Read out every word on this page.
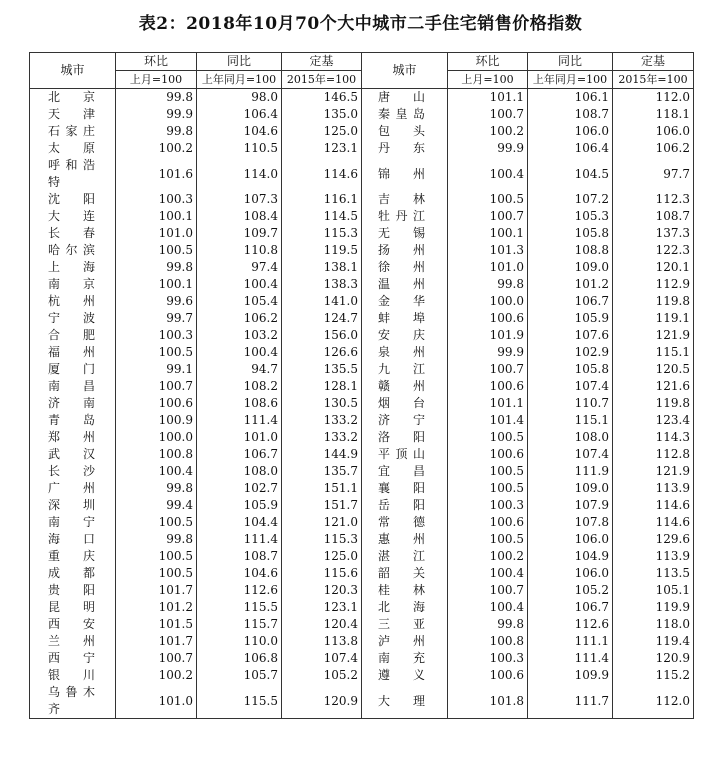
表2：2018年10月70个大中城市二手住宅销售价格指数
城市	环比	同比	定基	城市	环比	同比	定基
	上月=100	上年同月=100	2015年=100		上月=100	上年同月=100	2015年=100
北京	99.8	98.0	146.5	唐山	101.1	106.1	112.0
天津	99.9	106.4	135.0	秦皇岛	100.7	108.7	118.1
石家庄	99.8	104.6	125.0	包头	100.2	106.0	106.0
太原	100.2	110.5	123.1	丹东	99.9	106.4	106.2
呼和浩特	101.6	114.0	114.6	锦州	100.4	104.5	97.7
沈阳	100.3	107.3	116.1	吉林	100.5	107.2	112.3
大连	100.1	108.4	114.5	牡丹江	100.7	105.3	108.7
长春	101.0	109.7	115.3	无锡	100.1	105.8	137.3
哈尔滨	100.5	110.8	119.5	扬州	101.3	108.8	122.3
上海	99.8	97.4	138.1	徐州	101.0	109.0	120.1
南京	100.1	100.4	138.3	温州	99.8	101.2	112.9
杭州	99.6	105.4	141.0	金华	100.0	106.7	119.8
宁波	99.7	106.2	124.7	蚌埠	100.6	105.9	119.1
合肥	100.3	103.2	156.0	安庆	101.9	107.6	121.9
福州	100.5	100.4	126.6	泉州	99.9	102.9	115.1
厦门	99.1	94.7	135.5	九江	100.7	105.8	120.5
南昌	100.7	108.2	128.1	赣州	100.6	107.4	121.6
济南	100.6	108.6	130.5	烟台	101.1	110.7	119.8
青岛	100.9	111.4	133.2	济宁	101.4	115.1	123.4
郑州	100.0	101.0	133.2	洛阳	100.5	108.0	114.3
武汉	100.8	106.7	144.9	平顶山	100.6	107.4	112.8
长沙	100.4	108.0	135.7	宜昌	100.5	111.9	121.9
广州	99.8	102.7	151.1	襄阳	100.5	109.0	113.9
深圳	99.4	105.9	151.7	岳阳	100.3	107.9	114.6
南宁	100.5	104.4	121.0	常德	100.6	107.8	114.6
海口	99.8	111.4	115.3	惠州	100.5	106.0	129.6
重庆	100.5	108.7	125.0	湛江	100.2	104.9	113.9
成都	100.5	104.6	115.6	韶关	100.4	106.0	113.5
贵阳	101.7	112.6	120.3	桂林	100.7	105.2	105.1
昆明	101.2	115.5	123.1	北海	100.4	106.7	119.9
西安	101.5	115.7	120.4	三亚	99.8	112.6	118.0
兰州	101.7	110.0	113.8	泸州	100.8	111.1	119.4
西宁	100.7	106.8	107.4	南充	100.3	111.4	120.9
银川	100.2	105.7	105.2	遵义	100.6	109.9	115.2
乌鲁木齐	101.0	115.5	120.9	大理	101.8	111.7	112.0
